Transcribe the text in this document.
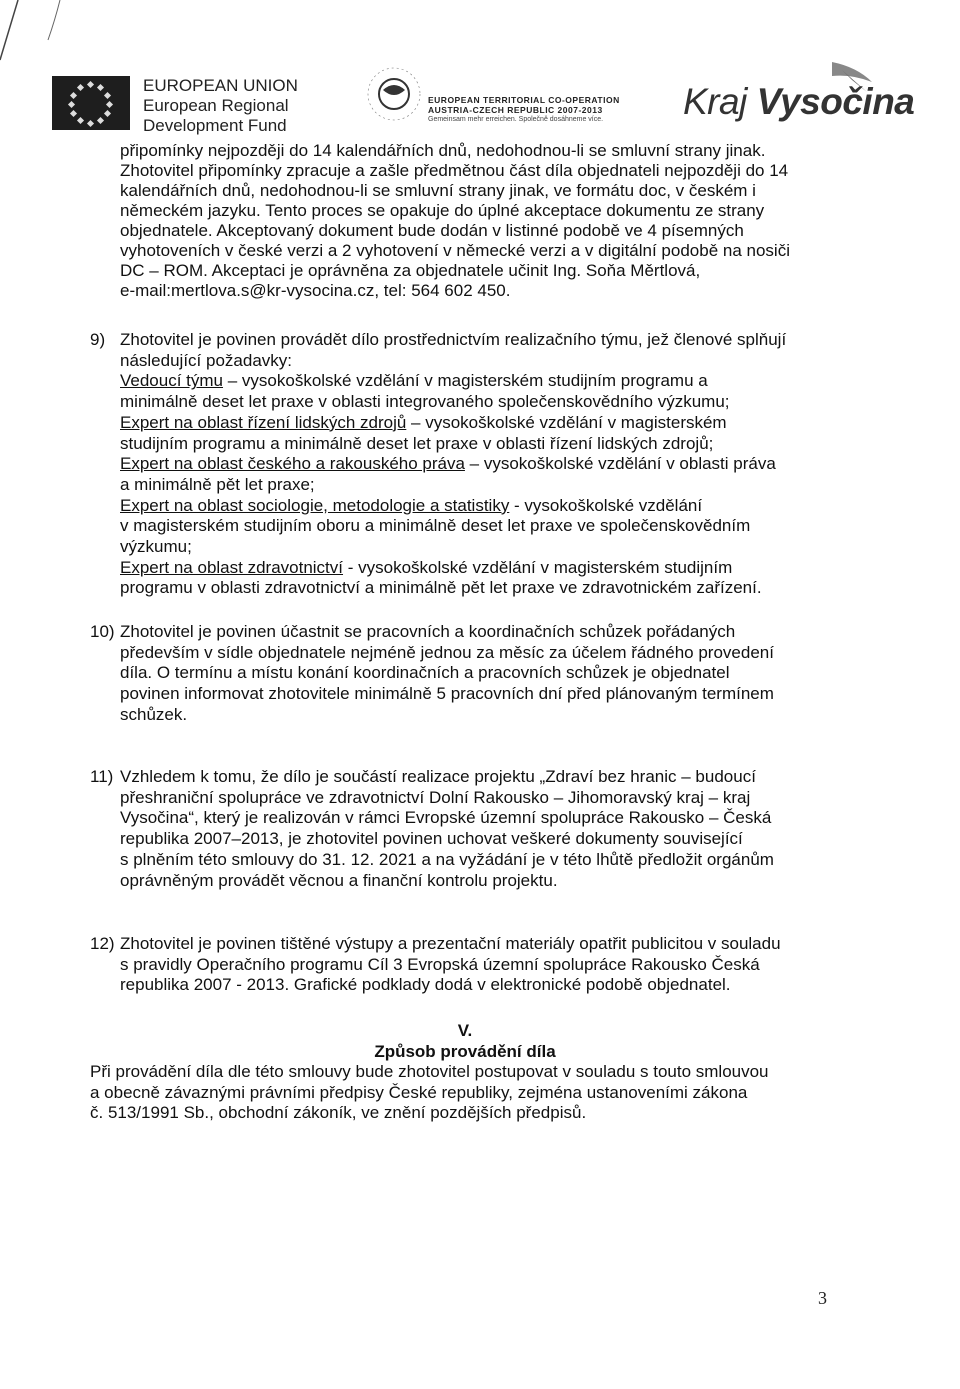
EUROPEAN UNION
European Regional
Development Fund
EUROPEAN TERRITORIAL CO-OPERATION
AUSTRIA-CZECH REPUBLIC 2007-2013
Gemeinsam mehr erreichen. Společně dosáhneme více.	Kraj Vysočina

připomínky nejpozději do 14 kalendářních dnů, nedohodnou-li se smluvní strany jinak.

Zhotovitel připomínky zpracuje a zašle předmětnou část díla objednateli nejpozději do 14

kalendářních dnů, nedohodnou-li se smluvní strany jinak, ve formátu doc, v českém i

německém jazyku. Tento proces se opakuje do úplné akceptace dokumentu ze strany

objednatele. Akceptovaný dokument bude dodán v listinné podobě ve 4 písemných

vyhotoveních v české verzi a 2 vyhotovení v německé verzi a v digitální podobě na nosiči

DC – ROM. Akceptaci je oprávněna za objednatele učinit Ing. Soňa Měrtlová,

e-mail:mertlova.s@kr-vysocina.cz, tel: 564 602 450.

9) Zhotovitel je povinen provádět dílo prostřednictvím realizačního týmu, jež členové splňují

následující požadavky:

Vedoucí týmu – vysokoškolské vzdělání v magisterském studijním programu a

minimálně deset let praxe v oblasti integrovaného společenskovědního výzkumu;

Expert na oblast řízení lidských zdrojů – vysokoškolské vzdělání v magisterském

studijním programu a minimálně deset let praxe v oblasti řízení lidských zdrojů;

Expert na oblast českého a rakouského práva – vysokoškolské vzdělání v oblasti práva

a minimálně pět let praxe;

Expert na oblast sociologie, metodologie a statistiky - vysokoškolské vzdělání

v magisterském studijním oboru a minimálně deset let praxe ve společenskovědním

výzkumu;

Expert na oblast zdravotnictví - vysokoškolské vzdělání v magisterském studijním

programu v oblasti zdravotnictví a minimálně pět let praxe ve zdravotnickém zařízení.

10) Zhotovitel je povinen účastnit se pracovních a koordinačních schůzek pořádaných

především v sídle objednatele nejméně jednou za měsíc za účelem řádného provedení

díla. O termínu a místu konání koordinačních a pracovních schůzek je objednatel

povinen informovat zhotovitele minimálně 5 pracovních dní před plánovaným termínem

schůzek.

11) Vzhledem k tomu, že dílo je součástí realizace projektu „Zdraví bez hranic – budoucí

přeshraniční spolupráce ve zdravotnictví Dolní Rakousko – Jihomoravský kraj – kraj

Vysočina“, který je realizován v rámci Evropské územní spolupráce Rakousko – Česká

republika 2007–2013, je zhotovitel povinen uchovat veškeré dokumenty související

s plněním této smlouvy do 31. 12. 2021 a na vyžádání je v této lhůtě předložit orgánům

oprávněným provádět věcnou a finanční kontrolu projektu.

12) Zhotovitel je povinen tištěné výstupy a prezentační materiály opatřit publicitou v souladu

s pravidly Operačního programu Cíl 3 Evropská územní spolupráce Rakousko Česká

republika 2007 - 2013. Grafické podklady dodá v elektronické podobě objednatel.

V.
Způsob provádění díla

Při provádění díla dle této smlouvy bude zhotovitel postupovat v souladu s touto smlouvou

a obecně závaznými právními předpisy České republiky, zejména ustanoveními zákona

č. 513/1991 Sb., obchodní zákoník, ve znění pozdějších předpisů.

3
